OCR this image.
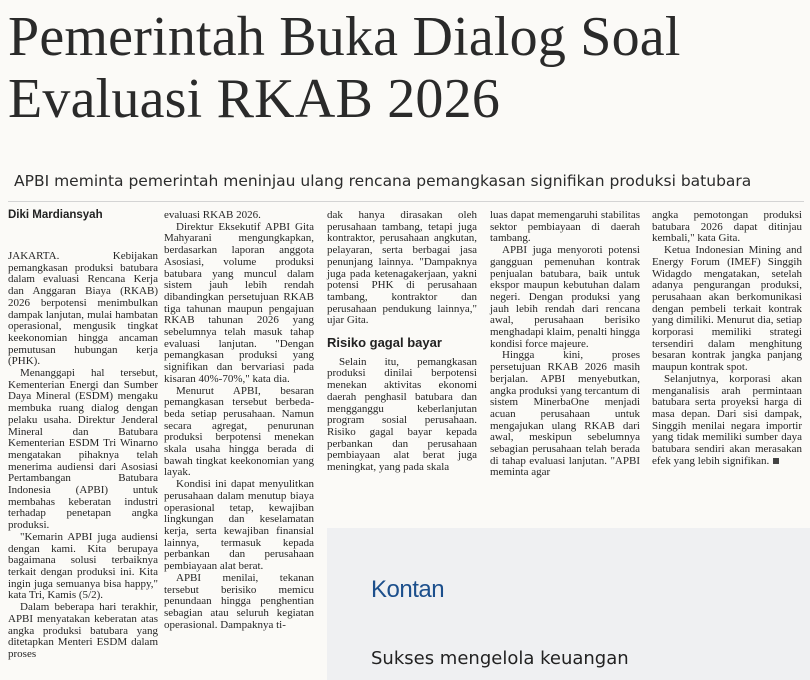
Pemerintah Buka Dialog Soal Evaluasi RKAB 2026
APBI meminta pemerintah meninjau ulang rencana pemangkasan signifikan produksi batubara
Diki Mardiansyah

JAKARTA. Kebijakan pemangkasan produksi batubara dalam evaluasi Rencana Kerja dan Anggaran Biaya (RKAB) 2026 berpotensi menimbulkan dampak lanjutan, mulai hambatan operasional, mengusik tingkat keekonomian hingga ancaman pemutusan hubungan kerja (PHK).

Menanggapi hal tersebut, Kementerian Energi dan Sumber Daya Mineral (ESDM) mengaku membuka ruang dialog dengan pelaku usaha. Direktur Jenderal Mineral dan Batubara Kementerian ESDM Tri Winarno mengatakan pihaknya telah menerima audiensi dari Asosiasi Pertambangan Batubara Indonesia (APBI) untuk membahas keberatan industri terhadap penetapan angka produksi.

"Kemarin APBI juga audiensi dengan kami. Kita berupaya bagaimana solusi terbaiknya terkait dengan produksi ini. Kita ingin juga semuanya bisa happy," kata Tri, Kamis (5/2).

Dalam beberapa hari terakhir, APBI menyatakan keberatan atas angka produksi batubara yang ditetapkan Menteri ESDM dalam proses

evaluasi RKAB 2026.

Direktur Eksekutif APBI Gita Mahyarani mengungkapkan, berdasarkan laporan anggota Asosiasi, volume produksi batubara yang muncul dalam sistem jauh lebih rendah dibandingkan persetujuan RKAB tiga tahunan maupun pengajuan RKAB tahunan 2026 yang sebelumnya telah masuk tahap evaluasi lanjutan. "Dengan pemangkasan produksi yang signifikan dan bervariasi pada kisaran 40%-70%," kata dia.

Menurut APBI, besaran pemangkasan tersebut berbeda-beda setiap perusahaan. Namun secara agregat, penurunan produksi berpotensi menekan skala usaha hingga berada di bawah tingkat keekonomian yang layak.

Kondisi ini dapat menyulitkan perusahaan dalam menutup biaya operasional tetap, kewajiban lingkungan dan keselamatan kerja, serta kewajiban finansial lainnya, termasuk kepada perbankan dan perusahaan pembiayaan alat berat.

APBI menilai, tekanan tersebut berisiko memicu penundaan hingga penghentian sebagian atau seluruh kegiatan operasional. Dampaknya ti-

dak hanya dirasakan oleh perusahaan tambang, tetapi juga kontraktor, perusahaan angkutan, pelayaran, serta berbagai jasa penunjang lainnya. "Dampaknya juga pada ketenagakerjaan, yakni potensi PHK di perusahaan tambang, kontraktor dan perusahaan pendukung lainnya," ujar Gita.

Risiko gagal bayar

Selain itu, pemangkasan produksi dinilai berpotensi menekan aktivitas ekonomi daerah penghasil batubara dan mengganggu keberlanjutan program sosial perusahaan. Risiko gagal bayar kepada perbankan dan perusahaan pembiayaan alat berat juga meningkat, yang pada skala

luas dapat memengaruhi stabilitas sektor pembiayaan di daerah tambang.

APBI juga menyoroti potensi gangguan pemenuhan kontrak penjualan batubara, baik untuk ekspor maupun kebutuhan dalam negeri. Dengan produksi yang jauh lebih rendah dari rencana awal, perusahaan berisiko menghadapi klaim, penalti hingga kondisi force majeure.

Hingga kini, proses persetujuan RKAB 2026 masih berjalan. APBI menyebutkan, angka produksi yang tercantum di sistem MinerbaOne menjadi acuan perusahaan untuk mengajukan ulang RKAB dari awal, meskipun sebelumnya sebagian perusahaan telah berada di tahap evaluasi lanjutan. "APBI meminta agar

angka pemotongan produksi batubara 2026 dapat ditinjau kembali," kata Gita.

Ketua Indonesian Mining and Energy Forum (IMEF) Singgih Widagdo mengatakan, setelah adanya pengurangan produksi, perusahaan akan berkomunikasi dengan pembeli terkait kontrak yang dimiliki. Menurut dia, setiap korporasi memiliki strategi tersendiri dalam menghitung besaran kontrak jangka panjang maupun kontrak spot.

Selanjutnya, korporasi akan menganalisis arah permintaan batubara serta proyeksi harga di masa depan. Dari sisi dampak, Singgih menilai negara importir yang tidak memiliki sumber daya batubara sendiri akan merasakan efek yang lebih signifikan.

Kontan
Sukses mengelola keuangan
